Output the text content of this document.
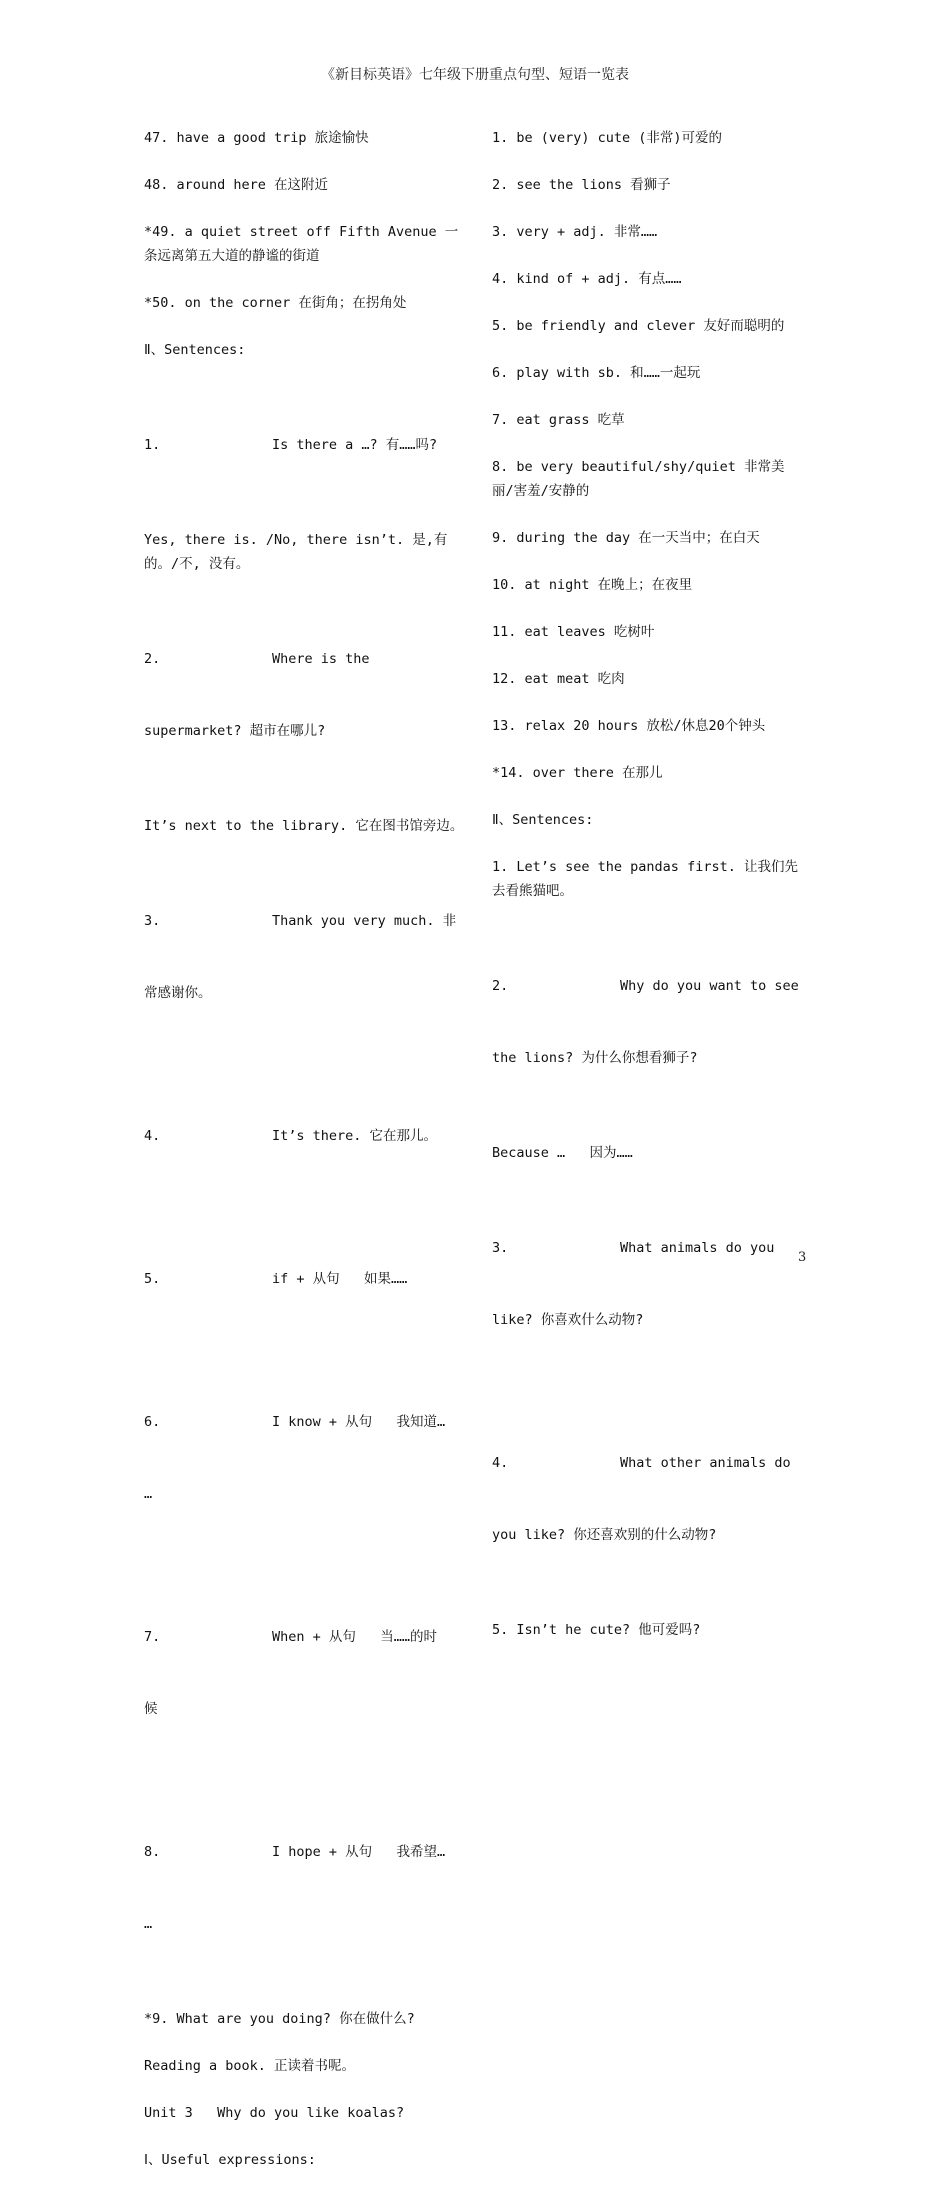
《新目标英语》七年级下册重点句型、短语一览表
47. have a good trip 旅途愉快
48. around here 在这附近
*49. a quiet street off Fifth Avenue 一条远离第五大道的静谧的街道
*50. on the corner 在街角；在拐角处
Ⅱ、Sentences:

1.	Is there a …? 有……吗?

Yes, there is. /No, there isn’t. 是,有的。/不, 没有。

2.	Where is the

supermarket? 超市在哪儿?

It’s next to the library. 它在图书馆旁边。

3.	Thank you very much. 非

常感谢你。

4.	It’s there. 它在那儿。

5.	if + 从句   如果……

6.	I know + 从句   我知道…

…

7.	When + 从句   当……的时

候

8.	I hope + 从句   我希望…

…

*9. What are you doing? 你在做什么?
Reading a book. 正读着书呢。
Unit 3   Why do you like koalas?
Ⅰ、Useful expressions:
1. be (very) cute (非常)可爱的
2. see the lions 看狮子
3. very + adj. 非常……
4. kind of + adj. 有点……
5. be friendly and clever 友好而聪明的
6. play with sb. 和……一起玩
7. eat grass 吃草
8. be very beautiful/shy/quiet 非常美丽/害羞/安静的
9. during the day 在一天当中；在白天
10. at night 在晚上；在夜里
11. eat leaves 吃树叶
12. eat meat 吃肉
13. relax 20 hours 放松/休息20个钟头
*14. over there 在那儿
Ⅱ、Sentences:
1. Let’s see the pandas first. 让我们先去看熊猫吧。

2.	Why do you want to see

the lions? 为什么你想看狮子?

Because …   因为……

3.	What animals do you

like? 你喜欢什么动物?

4.	What other animals do

you like? 你还喜欢别的什么动物?

5. Isn’t he cute? 他可爱吗?
3
